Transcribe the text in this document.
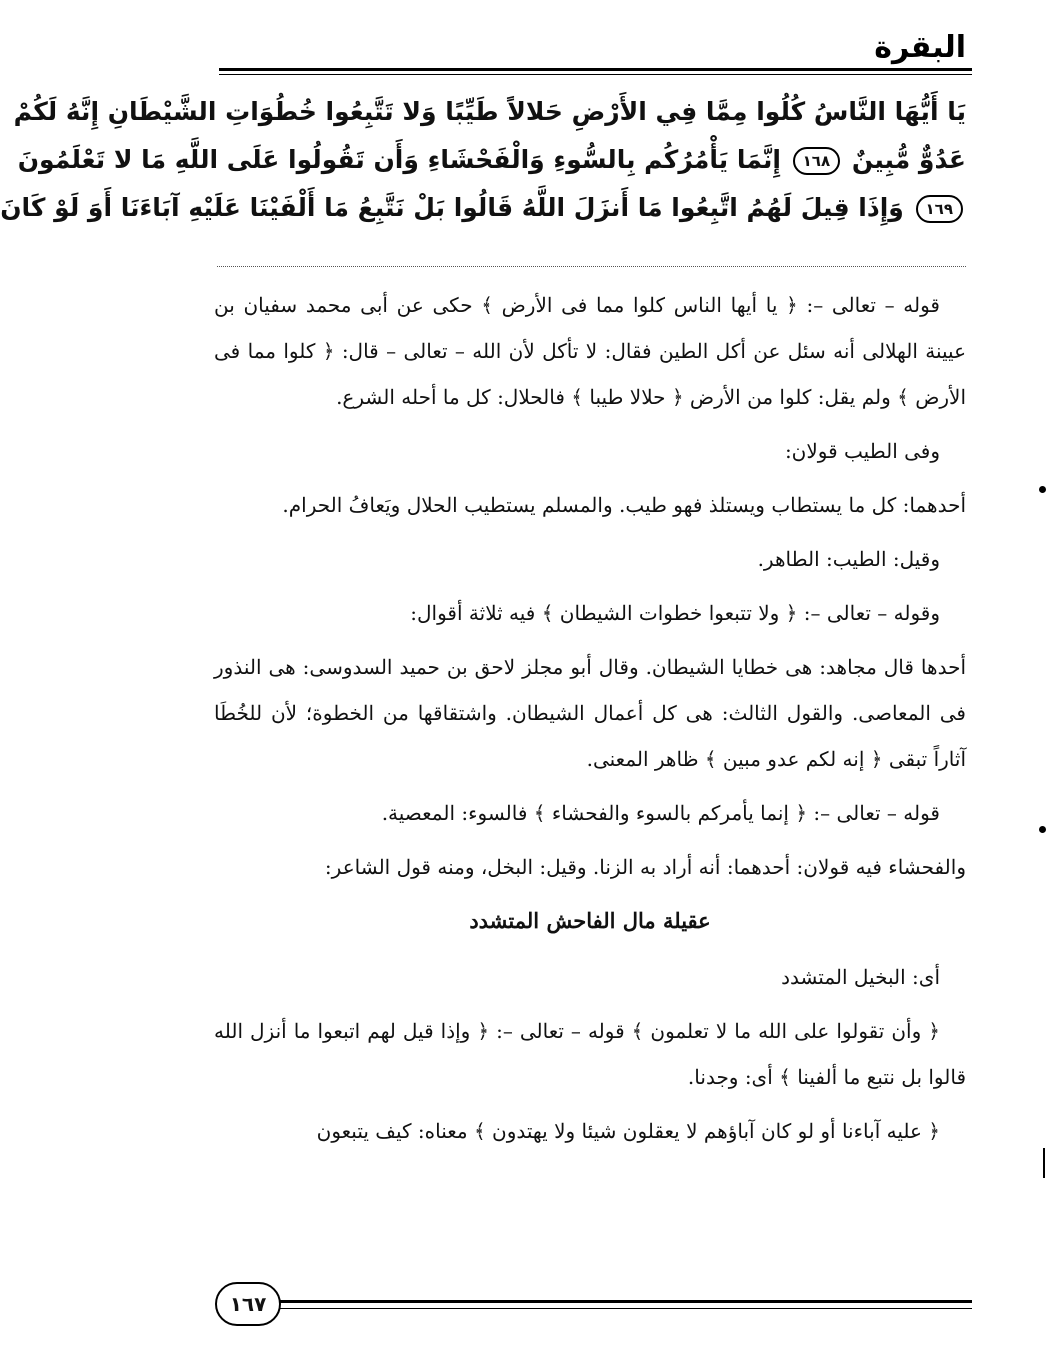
البقرة
يَا أَيُّهَا النَّاسُ كُلُوا مِمَّا فِي الأَرْضِ حَلالاً طَيِّبًا وَلا تَتَّبِعُوا خُطُوَاتِ الشَّيْطَانِ إِنَّهُ لَكُمْ
عَدُوٌّ مُّبِينٌ ١٦٨ إِنَّمَا يَأْمُرُكُم بِالسُّوءِ وَالْفَحْشَاءِ وَأَن تَقُولُوا عَلَى اللَّهِ مَا لا تَعْلَمُونَ
١٦٩ وَإِذَا قِيلَ لَهُمُ اتَّبِعُوا مَا أَنزَلَ اللَّهُ قَالُوا بَلْ نَتَّبِعُ مَا أَلْفَيْنَا عَلَيْهِ آبَاءَنَا أَوَ لَوْ كَانَ

قوله – تعالى –: ﴿ يا أيها الناس كلوا مما فى الأرض ﴾ حكى عن أبى محمد سفيان بن عيينة الهلالى أنه سئل عن أكل الطين فقال: لا تأكل لأن الله – تعالى – قال: ﴿ كلوا مما فى الأرض ﴾ ولم يقل: كلوا من الأرض ﴿ حلالا طيبا ﴾ فالحلال: كل ما أحله الشرع.

وفى الطيب قولان:

أحدهما: كل ما يستطاب ويستلذ فهو طيب. والمسلم يستطيب الحلال ويَعافُ الحرام.

وقيل: الطيب: الطاهر.

وقوله – تعالى –: ﴿ ولا تتبعوا خطوات الشيطان ﴾ فيه ثلاثة أقوال:

أحدها قال مجاهد: هى خطايا الشيطان. وقال أبو مجلز لاحق بن حميد السدوسى: هى النذور فى المعاصى. والقول الثالث: هى كل أعمال الشيطان. واشتقاقها من الخطوة؛ لأن للخُطَا آثاراً تبقى ﴿ إنه لكم عدو مبين ﴾ ظاهر المعنى.

قوله – تعالى –: ﴿ إنما يأمركم بالسوء والفحشاء ﴾ فالسوء: المعصية.

والفحشاء فيه قولان: أحدهما: أنه أراد به الزنا. وقيل: البخل، ومنه قول الشاعر:

عقيلة مال الفاحش المتشدد

أى: البخيل المتشدد

﴿ وأن تقولوا على الله ما لا تعلمون ﴾ قوله – تعالى –: ﴿ وإذا قيل لهم اتبعوا ما أنزل الله قالوا بل نتبع ما ألفينا ﴾ أى: وجدنا.

﴿ عليه آباءنا أو لو كان آباؤهم لا يعقلون شيئا ولا يهتدون ﴾ معناه: كيف يتبعون

١٦٧
